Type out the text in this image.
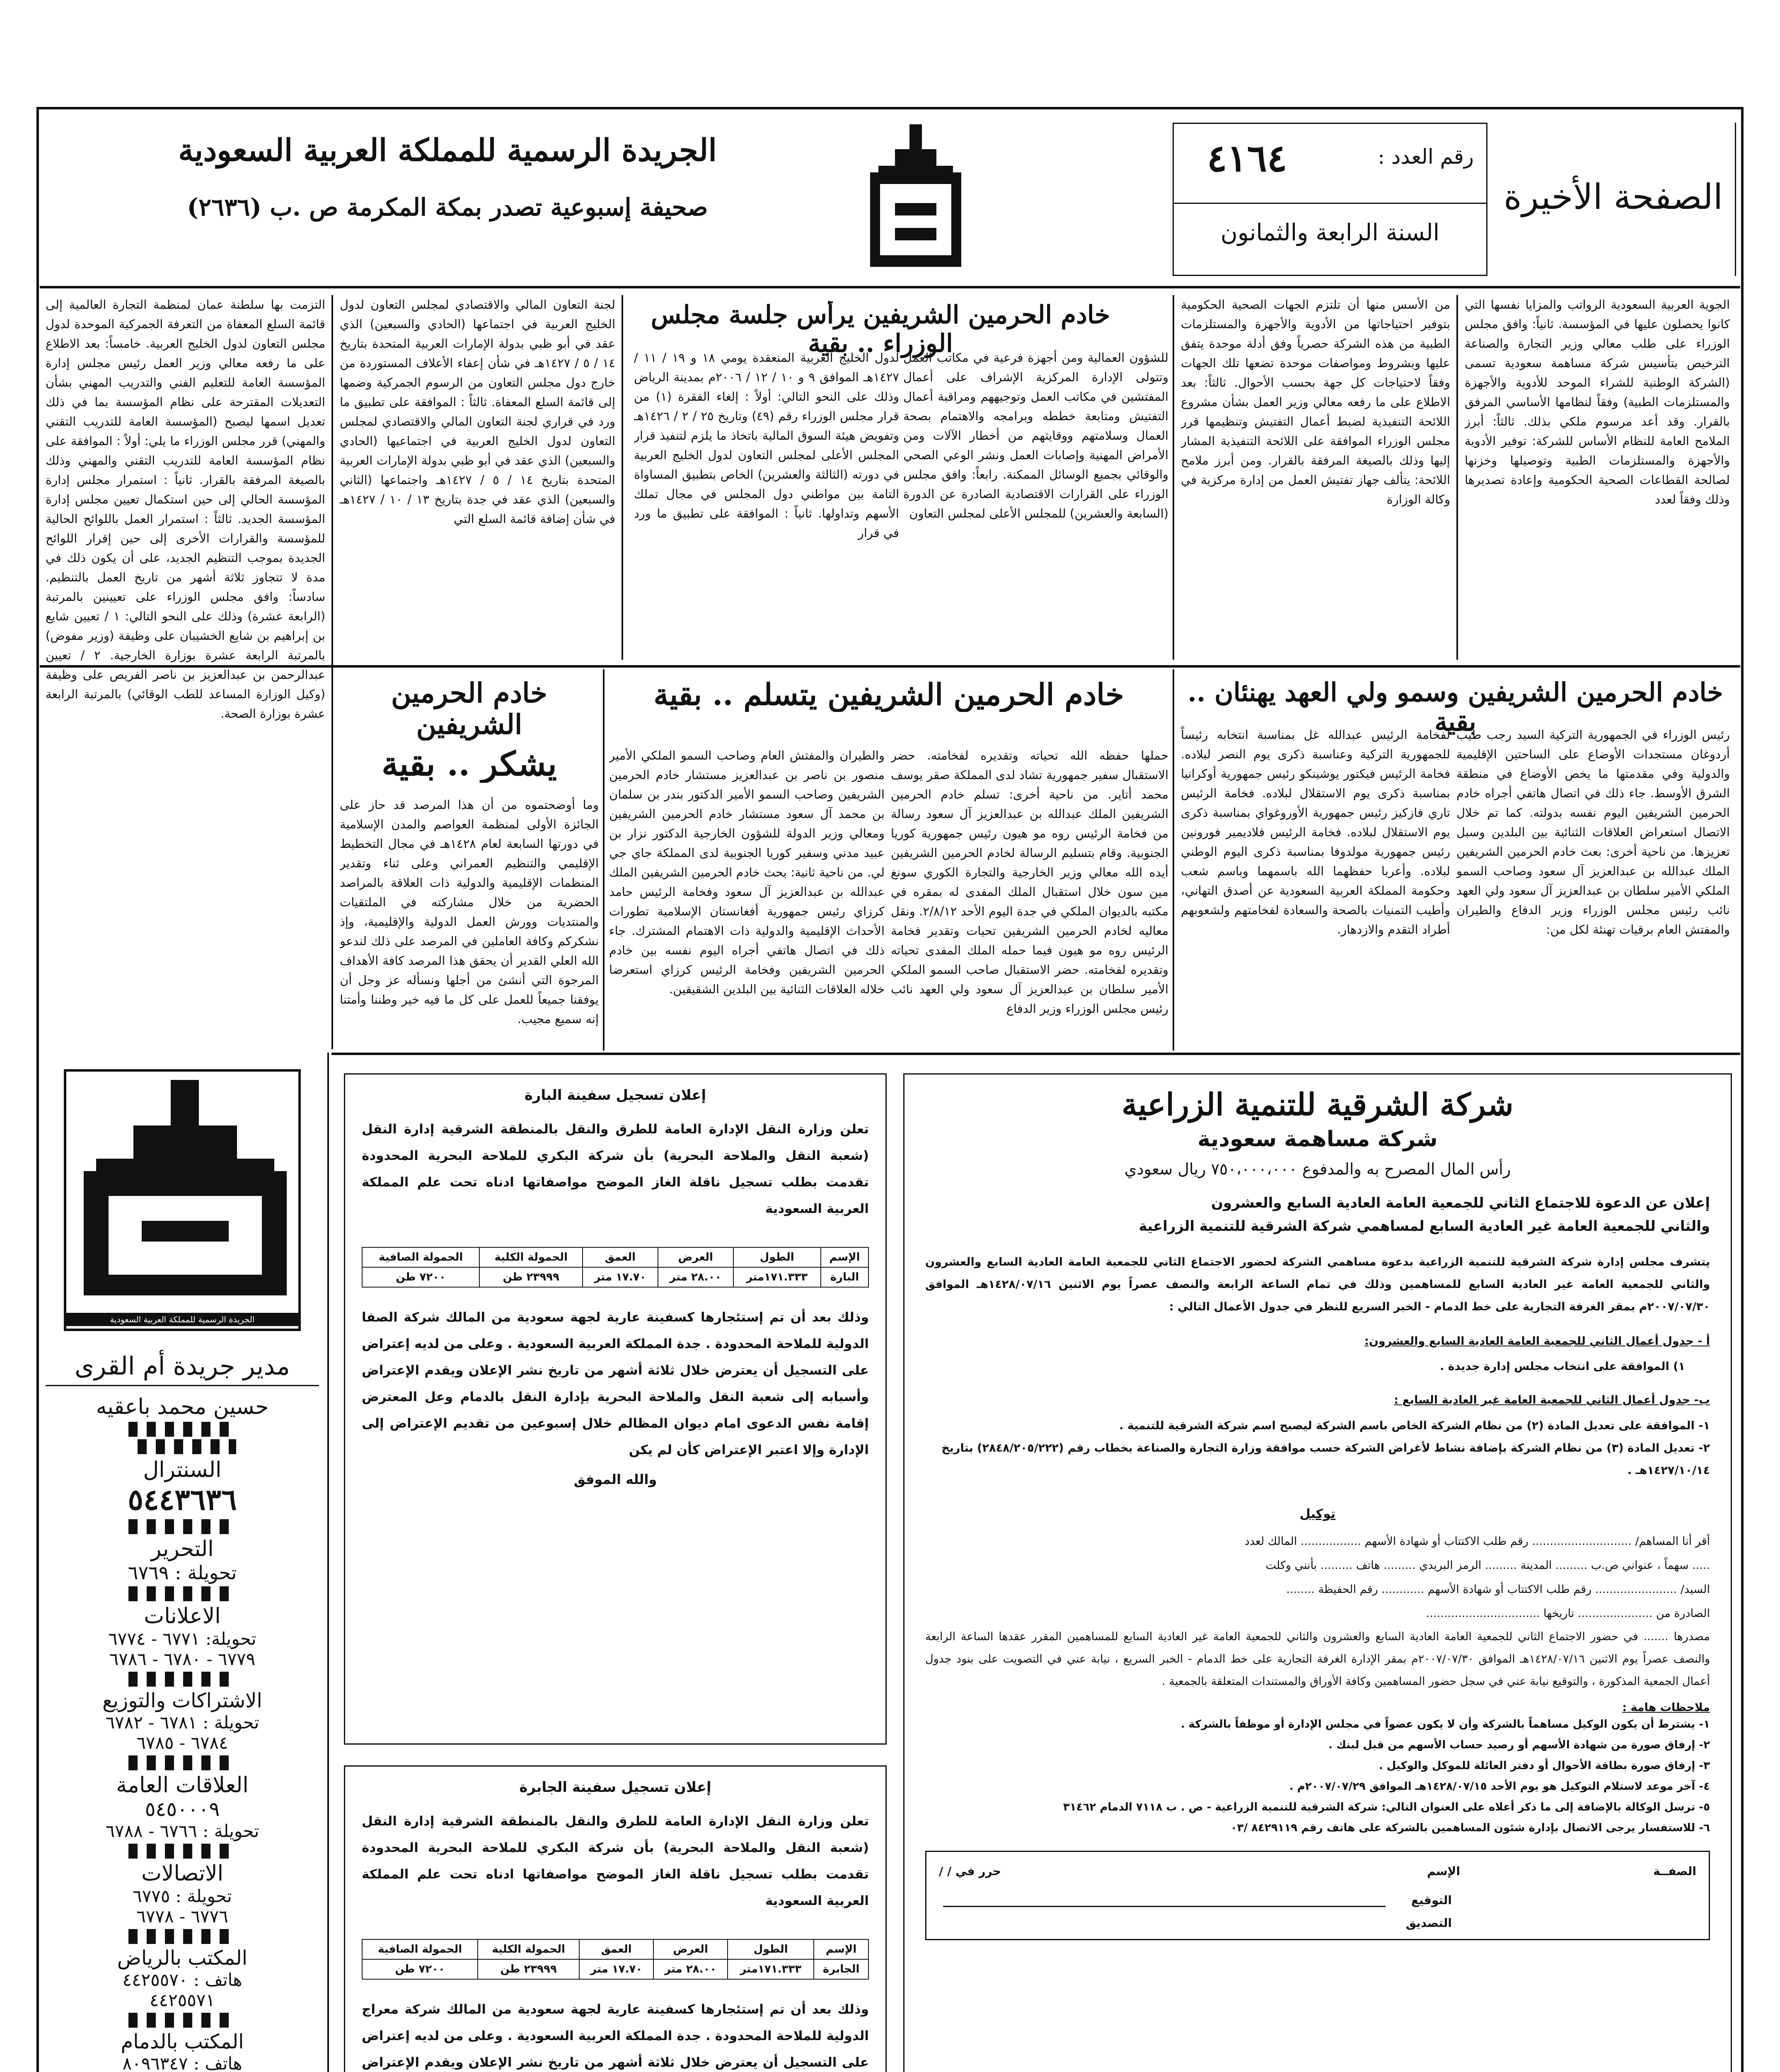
الجريدة الرسمية للمملكة العربية السعودية
صحيفة إسبوعية تصدر بمكة المكرمة ص .ب (٢٦٣٦)
رقم العدد :
٤١٦٤
السنة الرابعة والثمانون
الصفحة الأخيرة
خادم الحرمين الشريفين يرأس جلسة مجلس الوزراء .. بقية
الجوية العربية السعودية الرواتب والمزايا نفسها التي كانوا يحصلون عليها في المؤسسة. ثانياً: وافق مجلس الوزراء على طلب معالي وزير التجارة والصناعة الترخيص بتأسيس شركة مساهمة سعودية تسمى (الشركة الوطنية للشراء الموحد للأدوية والأجهزة والمستلزمات الطبية) وفقاً لنظامها الأساسي المرفق بالقرار. وقد أعد مرسوم ملكي بذلك. ثالثاً: أبرز الملامح العامة للنظام الأساس للشركة: توفير الأدوية والأجهزة والمستلزمات الطبية وتوصيلها وخزنها لصالحة القطاعات الصحية الحكومية وإعادة تصديرها وذلك وفقاً لعدد
من الأسس منها أن تلتزم الجهات الصحية الحكومية بتوفير احتياجاتها من الأدوية والأجهزة والمستلزمات الطبية من هذه الشركة حصرياً وفق أدلة موحدة يتفق عليها وبشروط ومواصفات موحدة تضعها تلك الجهات وفقاً لاحتياجات كل جهة بحسب الأحوال. ثالثاً: بعد الاطلاع على ما رفعه معالي وزير العمل بشأن مشروع اللائحة التنفيذية لضبط أعمال التفتيش وتنظيمها قرر مجلس الوزراء الموافقة على اللائحة التنفيذية المشار إليها وذلك بالصيغة المرفقة بالقرار. ومن أبرز ملامح اللائحة: يتألف جهاز تفتيش العمل من إدارة مركزية في وكالة الوزارة
للشؤون العمالية ومن أجهزة فرعية في مكاتب العمل وتتولى الإدارة المركزية الإشراف على أعمال المفتشين في مكاتب العمل وتوجيههم ومراقبة أعمال التفتيش ومتابعة خططه وبرامجه والاهتمام بصحة العمال وسلامتهم ووقايتهم من أخطار الآلات ومن الأمراض المهنية وإصابات العمل ونشر الوعي الصحي والوقائي بجميع الوسائل الممكنة. رابعاً: وافق مجلس الوزراء على القرارات الاقتصادية الصادرة عن الدورة (السابعة والعشرين) للمجلس الأعلى لمجلس التعاون
لدول الخليج العربية المنعقدة يومي ١٨ و ١٩ / ١١ / ١٤٢٧هـ الموافق ٩ و ١٠ / ١٢ / ٢٠٠٦م بمدينة الرياض وذلك على النحو التالي: أولاً : إلغاء الفقرة (١) من قرار مجلس الوزراء رقم (٤٩) وتاريخ ٢٥ / ٢ / ١٤٢٦هـ وتفويض هيئة السوق المالية باتخاذ ما يلزم لتنفيذ قرار المجلس الأعلى لمجلس التعاون لدول الخليج العربية في دورته (الثالثة والعشرين) الخاص بتطبيق المساواة التامة بين مواطني دول المجلس في مجال تملك الأسهم وتداولها. ثانياً : الموافقة على تطبيق ما ورد في قرار
لجنة التعاون المالي والاقتصادي لمجلس التعاون لدول الخليج العربية في اجتماعها (الحادي والسبعين) الذي عقد في أبو ظبي بدولة الإمارات العربية المتحدة بتاريخ ١٤ / ٥ / ١٤٢٧هـ في شأن إعفاء الأعلاف المستوردة من خارج دول مجلس التعاون من الرسوم الجمركية وضمها إلى قائمة السلع المعفاة. ثالثاً : الموافقة على تطبيق ما ورد في قراري لجنة التعاون المالي والاقتصادي لمجلس التعاون لدول الخليج العربية في اجتماعيها (الحادي والسبعين) الذي عقد في أبو ظبي بدولة الإمارات العربية المتحدة بتاريخ ١٤ / ٥ / ١٤٢٧هـ واجتماعها (الثاني والسبعين) الذي عقد في جدة بتاريخ ١٣ / ١٠ / ١٤٢٧هـ في شأن إضافة قائمة السلع التي
التزمت بها سلطنة عمان لمنظمة التجارة العالمية إلى قائمة السلع المعفاة من التعرفة الجمركية الموحدة لدول مجلس التعاون لدول الخليج العربية. خامساً: بعد الاطلاع على ما رفعه معالي وزير العمل رئيس مجلس إدارة المؤسسة العامة للتعليم الفني والتدريب المهني بشأن التعديلات المقترحة على نظام المؤسسة بما في ذلك تعديل اسمها ليصبح (المؤسسة العامة للتدريب التقني والمهني) قرر مجلس الوزراء ما يلي: أولاً : الموافقة على نظام المؤسسة العامة للتدريب التقني والمهني وذلك بالصيغة المرفقة بالقرار. ثانياً : استمرار مجلس إدارة المؤسسة الحالي إلى حين استكمال تعيين مجلس إدارة المؤسسة الجديد. ثالثاً : استمرار العمل باللوائح الحالية للمؤسسة والقرارات الأخرى إلى حين إقرار اللوائح الجديدة بموجب التنظيم الجديد، على أن يكون ذلك في مدة لا تتجاوز ثلاثة أشهر من تاريخ العمل بالتنظيم. سادساً: وافق مجلس الوزراء على تعيينين بالمرتبة (الرابعة عشرة) وذلك على النحو التالي: ١ / تعيين شايع بن إبراهيم بن شايع الخشيبان على وظيفة (وزير مفوض) بالمرتبة الرابعة عشرة بوزارة الخارجية. ٢ / تعيين عبدالرحمن بن عبدالعزيز بن ناصر الفريص على وظيفة (وكيل الوزارة المساعد للطب الوقائي) بالمرتبة الرابعة عشرة بوزارة الصحة.
خادم الحرمين الشريفين وسمو ولي العهد يهنئان .. بقية
رئيس الوزراء في الجمهورية التركية السيد رجب طيب أردوغان مستجدات الأوضاع على الساحتين الإقليمية والدولية وفي مقدمتها ما يخص الأوضاع في منطقة الشرق الأوسط. جاء ذلك في اتصال هاتفي أجراه خادم الحرمين الشريفين اليوم نفسه بدولته. كما تم خلال الاتصال استعراض العلاقات الثنائية بين البلدين وسبل تعزيزها. من ناحية أخرى: بعث خادم الحرمين الشريفين الملك عبدالله بن عبدالعزيز آل سعود وصاحب السمو الملكي الأمير سلطان بن عبدالعزيز آل سعود ولي العهد نائب رئيس مجلس الوزراء وزير الدفاع والطيران والمفتش العام برقيات تهنئة لكل من:
لفخامة الرئيس عبدالله غل بمناسبة انتخابه رئيساً للجمهورية التركية وعناسبة ذكرى يوم النصر لبلاده. فخامة الرئيس فيكتور يوشينكو رئيس جمهورية أوكرانيا بمناسبة ذكرى يوم الاستقلال لبلاده. فخامة الرئيس تاري فازكيز رئيس جمهورية الأوروغواي بمناسبة ذكرى يوم الاستقلال لبلاده. فخامة الرئيس فلاديمير فورونين رئيس جمهورية مولدوفا بمناسبة ذكرى اليوم الوطني لبلاده. وأعربا حفظهما الله باسمهما وباسم شعب وحكومة المملكة العربية السعودية عن أصدق التهاني، وأطيب التمنيات بالصحة والسعادة لفخامتهم ولشعوبهم أطراد التقدم والازدهار.
خادم الحرمين الشريفين يتسلم .. بقية
حملها حفظه الله تحياته وتقديره لفخامته. حضر الاستقبال سفير جمهورية تشاد لدى المملكة صقر يوسف محمد أتاير. من ناحية أخرى: تسلم خادم الحرمين الشريفين الملك عبدالله بن عبدالعزيز آل سعود رسالة من فخامة الرئيس روه مو هيون رئيس جمهورية كوريا الجنوبية. وقام بتسليم الرسالة لخادم الحرمين الشريفين أيده الله معالي وزير الخارجية والتجارة الكوري سونغ مين سون خلال استقبال الملك المفدى له بمقره في مكتبه بالديوان الملكي في جدة اليوم الأحد ٢/٨/١٢. ونقل معاليه لخادم الحرمين الشريفين تحيات وتقدير فخامة الرئيس روه مو هيون فيما حمله الملك المفدى تحياته وتقديره لفخامته. حضر الاستقبال صاحب السمو الملكي الأمير سلطان بن عبدالعزيز آل سعود ولي العهد نائب رئيس مجلس الوزراء وزير الدفاع
والطيران والمفتش العام وصاحب السمو الملكي الأمير منصور بن ناصر بن عبدالعزيز مستشار خادم الحرمين الشريفين وصاحب السمو الأمير الدكتور بندر بن سلمان بن محمد آل سعود مستشار خادم الحرمين الشريفين ومعالي وزير الدولة للشؤون الخارجية الدكتور نزار بن عبيد مدني وسفير كوريا الجنوبية لدى المملكة جاي جي لي. من ناحية ثانية: بحث خادم الحرمين الشريفين الملك عبدالله بن عبدالعزيز آل سعود وفخامة الرئيس حامد كرزاي رئيس جمهورية أفغانستان الإسلامية تطورات الأحداث الإقليمية والدولية ذات الاهتمام المشترك. جاء ذلك في اتصال هاتفي أجراه اليوم نفسه بين خادم الحرمين الشريفين وفخامة الرئيس كرزاي استعرضا خلاله العلاقات الثنائية بين البلدين الشقيقين.
خادم الحرمين الشريفين
يشكر .. بقية
وما أوضحتموه من أن هذا المرصد قد حاز على الجائزة الأولى لمنظمة العواصم والمدن الإسلامية في دورتها السابعة لعام ١٤٢٨هـ في مجال التخطيط الإقليمي والتنظيم العمراني وعلى ثناء وتقدير المنظمات الإقليمية والدولية ذات العلاقة بالمراصد الحضرية من خلال مشاركته في الملتقيات والمنتديات وورش العمل الدولية والإقليمية، وإذ نشكركم وكافة العاملين في المرصد على ذلك لندعو الله العلي القدير أن يحقق هذا المرصد كافة الأهداف المرجوة التي أنشئ من أجلها ونسأله عز وجل أن يوفقنا جميعاً للعمل على كل ما فيه خير وطننا وأمتنا إنه سميع مجيب.
الجريدة الرسمية للمملكة العربية السعودية
مدير جريدة أم القرى
حسين محمد باعقيه
السنترال
٥٤٤٣٦٣٦
التحرير
تحويلة : ٦٧٦٩
الاعلانات
تحويلة: ٦٧٧١ - ٦٧٧٤
٦٧٧٩ - ٦٧٨٠ - ٦٧٨٦
الاشتراكات والتوزيع
تحويلة : ٦٧٨١ - ٦٧٨٢
٦٧٨٤ - ٦٧٨٥
العلاقات العامة
٥٤٥٠٠٠٩
تحويلة : ٦٧٦٦ - ٦٧٨٨
الاتصالات
تحويلة : ٦٧٧٥
٦٧٧٦ - ٦٧٧٨
المكتب بالرياض
هاتف : ٤٤٢٥٥٧٠
٤٤٢٥٥٧١
المكتب بالدمام
هاتف : ٨٠٩٦٣٤٧
إعلان تسجيل سفينة البارة
تعلن وزارة النقل الإدارة العامة للطرق والنقل بالمنطقة الشرقية إدارة النقل (شعبة النقل والملاحة البحرية) بأن شركة البكري للملاحة البحرية المحدودة تقدمت بطلب تسجيل ناقلة الغاز الموضح مواصفاتها ادناه تحت علم المملكة العربية السعودية
الإسم	الطول	العرض	العمق	الحمولة الكلية	الحمولة الصافية
البارة	١٧١.٣٣٣متر	٢٨.٠٠ متر	١٧.٧٠ متر	٢٣٩٩٩ طن	٧٢٠٠ طن
وذلك بعد أن تم إستئجارها كسفينة عارية لجهة سعودية من المالك شركة الصفا الدولية للملاحة المحدودة . جدة المملكة العربية السعودية . وعلى من لديه إعتراض على التسجيل أن يعترض خلال ثلاثة أشهر من تاريخ نشر الإعلان ويقدم الإعتراض وأسبابه إلى شعبة النقل والملاحة البحرية بإدارة النقل بالدمام وعل المعترض إقامة نفس الدعوى امام ديوان المظالم خلال إسبوعين من تقديم الإعتراض إلى الإدارة وإلا اعتبر الإعتراض كأن لم يكن
والله الموفق
إعلان تسجيل سفينة الجابرة
تعلن وزارة النقل الإدارة العامة للطرق والنقل بالمنطقة الشرقية إدارة النقل (شعبة النقل والملاحة البحرية) بأن شركة البكري للملاحة البحرية المحدودة تقدمت بطلب تسجيل ناقلة الغاز الموضح مواصفاتها ادناه تحت علم المملكة العربية السعودية
الإسم	الطول	العرض	العمق	الحمولة الكلية	الحمولة الصافية
الجابرة	١٧١.٣٣٣متر	٢٨.٠٠ متر	١٧.٧٠ متر	٢٣٩٩٩ طن	٧٢٠٠ طن
وذلك بعد أن تم إستئجارها كسفينة عارية لجهة سعودية من المالك شركة معراج الدولية للملاحة المحدودة . جدة المملكة العربية السعودية . وعلى من لديه إعتراض على التسجيل أن يعترض خلال ثلاثة أشهر من تاريخ نشر الإعلان ويقدم الإعتراض
شركة الشرقية للتنمية الزراعية
شركة مساهمة سعودية
رأس المال المصرح به والمدفوع ٧٥٠،٠٠٠،٠٠٠ ريال سعودي
إعلان عن الدعوة للاجتماع الثاني للجمعية العامة العادية السابع والعشرون
والثاني للجمعية العامة غير العادية السابع لمساهمي شركة الشرقية للتنمية الزراعية
يتشرف مجلس إدارة شركة الشرقية للتنمية الزراعية بدعوة مساهمي الشركة لحضور الاجتماع الثاني للجمعية العامة العادية السابع والعشرون والثاني للجمعية العامة غير العادية السابع للمساهمين وذلك في تمام الساعة الرابعة والنصف عصراً يوم الاثنين ١٤٢٨/٠٧/١٦هـ الموافق ٢٠٠٧/٠٧/٣٠م بمقر الغرفة التجارية على خط الدمام - الخبر السريع للنظر في جدول الأعمال التالي :
أ - جدول أعمال الثاني للجمعية العامة العادية السابع والعشرون:
١) الموافقة على انتخاب مجلس إدارة جديدة .
ب- جدول أعمال الثاني للجمعية العامة غير العادية السابع :
١- الموافقة على تعديل المادة (٢) من نظام الشركة الخاص باسم الشركة ليصبح اسم شركة الشرقية للتنمية .
٢- تعديل المادة (٣) من نظام الشركة بإضافة نشاط لأغراض الشركة حسب موافقة وزارة التجارة والصناعة بخطاب رقم (٢٨٤٨/٢٠٥/٢٢٢) بتاريخ ١٤٢٧/١٠/١٤هـ .
توكيل
أقر أنا المساهم/ ............................ رقم طلب الاكتتاب أو شهادة الأسهم ................. المالك لعدد
..... سهماً ، عنواني ص.ب ......... المدينة ......... الرمز البريدي ......... هاتف ......... بأنني وكلت
السيد/ ....................... رقم طلب الاكتتاب أو شهادة الأسهم ............ رقم الحفيظة ........
الصادرة من ..................... تاريخها ................................
مصدرها ....... في حضور الاجتماع الثاني للجمعية العامة العادية السابع والعشرون والثاني للجمعية العامة غير العادية السابع للمساهمين المقرر عقدها الساعة الرابعة والنصف عصراً يوم الاثنين ١٤٢٨/٠٧/١٦هـ الموافق ٢٠٠٧/٠٧/٣٠م بمقر الإدارة الغرفة التجارية على خط الدمام - الخبر السريع ، نيابة عني في التصويت على بنود جدول أعمال الجمعية المذكورة ، والتوقيع نيابة عني في سجل حضور المساهمين وكافة الأوراق والمستندات المتعلقة بالجمعية .
ملاحظات هامة :
١- يشترط أن يكون الوكيل مساهماً بالشركة وأن لا يكون عضواً في مجلس الإدارة أو موظفاً بالشركة .
٢- إرفاق صورة من شهادة الأسهم أو رصيد حساب الأسهم من قبل لبنك .
٣- إرفاق صورة بطاقة الأحوال أو دفتر العائلة للموكل والوكيل .
٤- آخر موعد لاستلام التوكيل هو يوم الأحد ١٤٢٨/٠٧/١٥هـ الموافق ٢٠٠٧/٠٧/٢٩م .
٥- ترسل الوكالة بالإضافة إلى ما ذكر أعلاه على العنوان التالي: شركة الشرقية للتنمية الزراعية - ص . ب ٧١١٨ الدمام ٣١٤٦٢
٦- للاستفسار يرجى الاتصال بإدارة شئون المساهمين بالشركة على هاتف رقم ٨٤٢٩١١٩ /٠٣
الصفــة
الإسم
حرر في / /
التوقيع
التصديق
